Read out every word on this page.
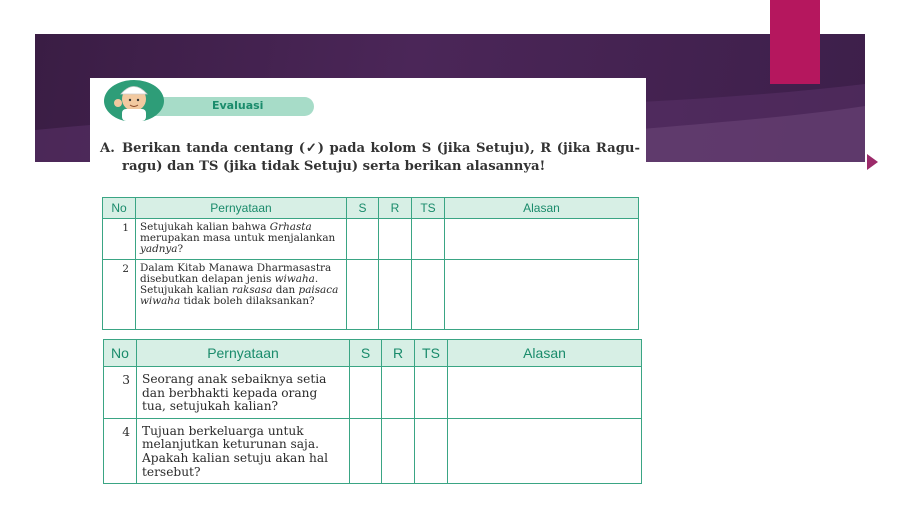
Evaluasi
A. Berikan tanda centang (✓) pada kolom S (jika Setuju), R (jika Ragu-ragu) dan TS (jika tidak Setuju) serta berikan alasannya!
No	Pernyataan	S	R	TS	Alasan
1	Setujukah kalian bahwa Grhasta merupakan masa untuk menjalankan yadnya?				
2	Dalam Kitab Manawa Dharmasastra disebutkan delapan jenis wiwaha. Setujukah kalian raksasa dan paisaca wiwaha tidak boleh dilaksankan?				
No	Pernyataan	S	R	TS	Alasan
3	Seorang anak sebaiknya setia dan berbhakti kepada orang tua, setujukah kalian?				
4	Tujuan berkeluarga untuk melanjutkan keturunan saja. Apakah kalian setuju akan hal tersebut?				
